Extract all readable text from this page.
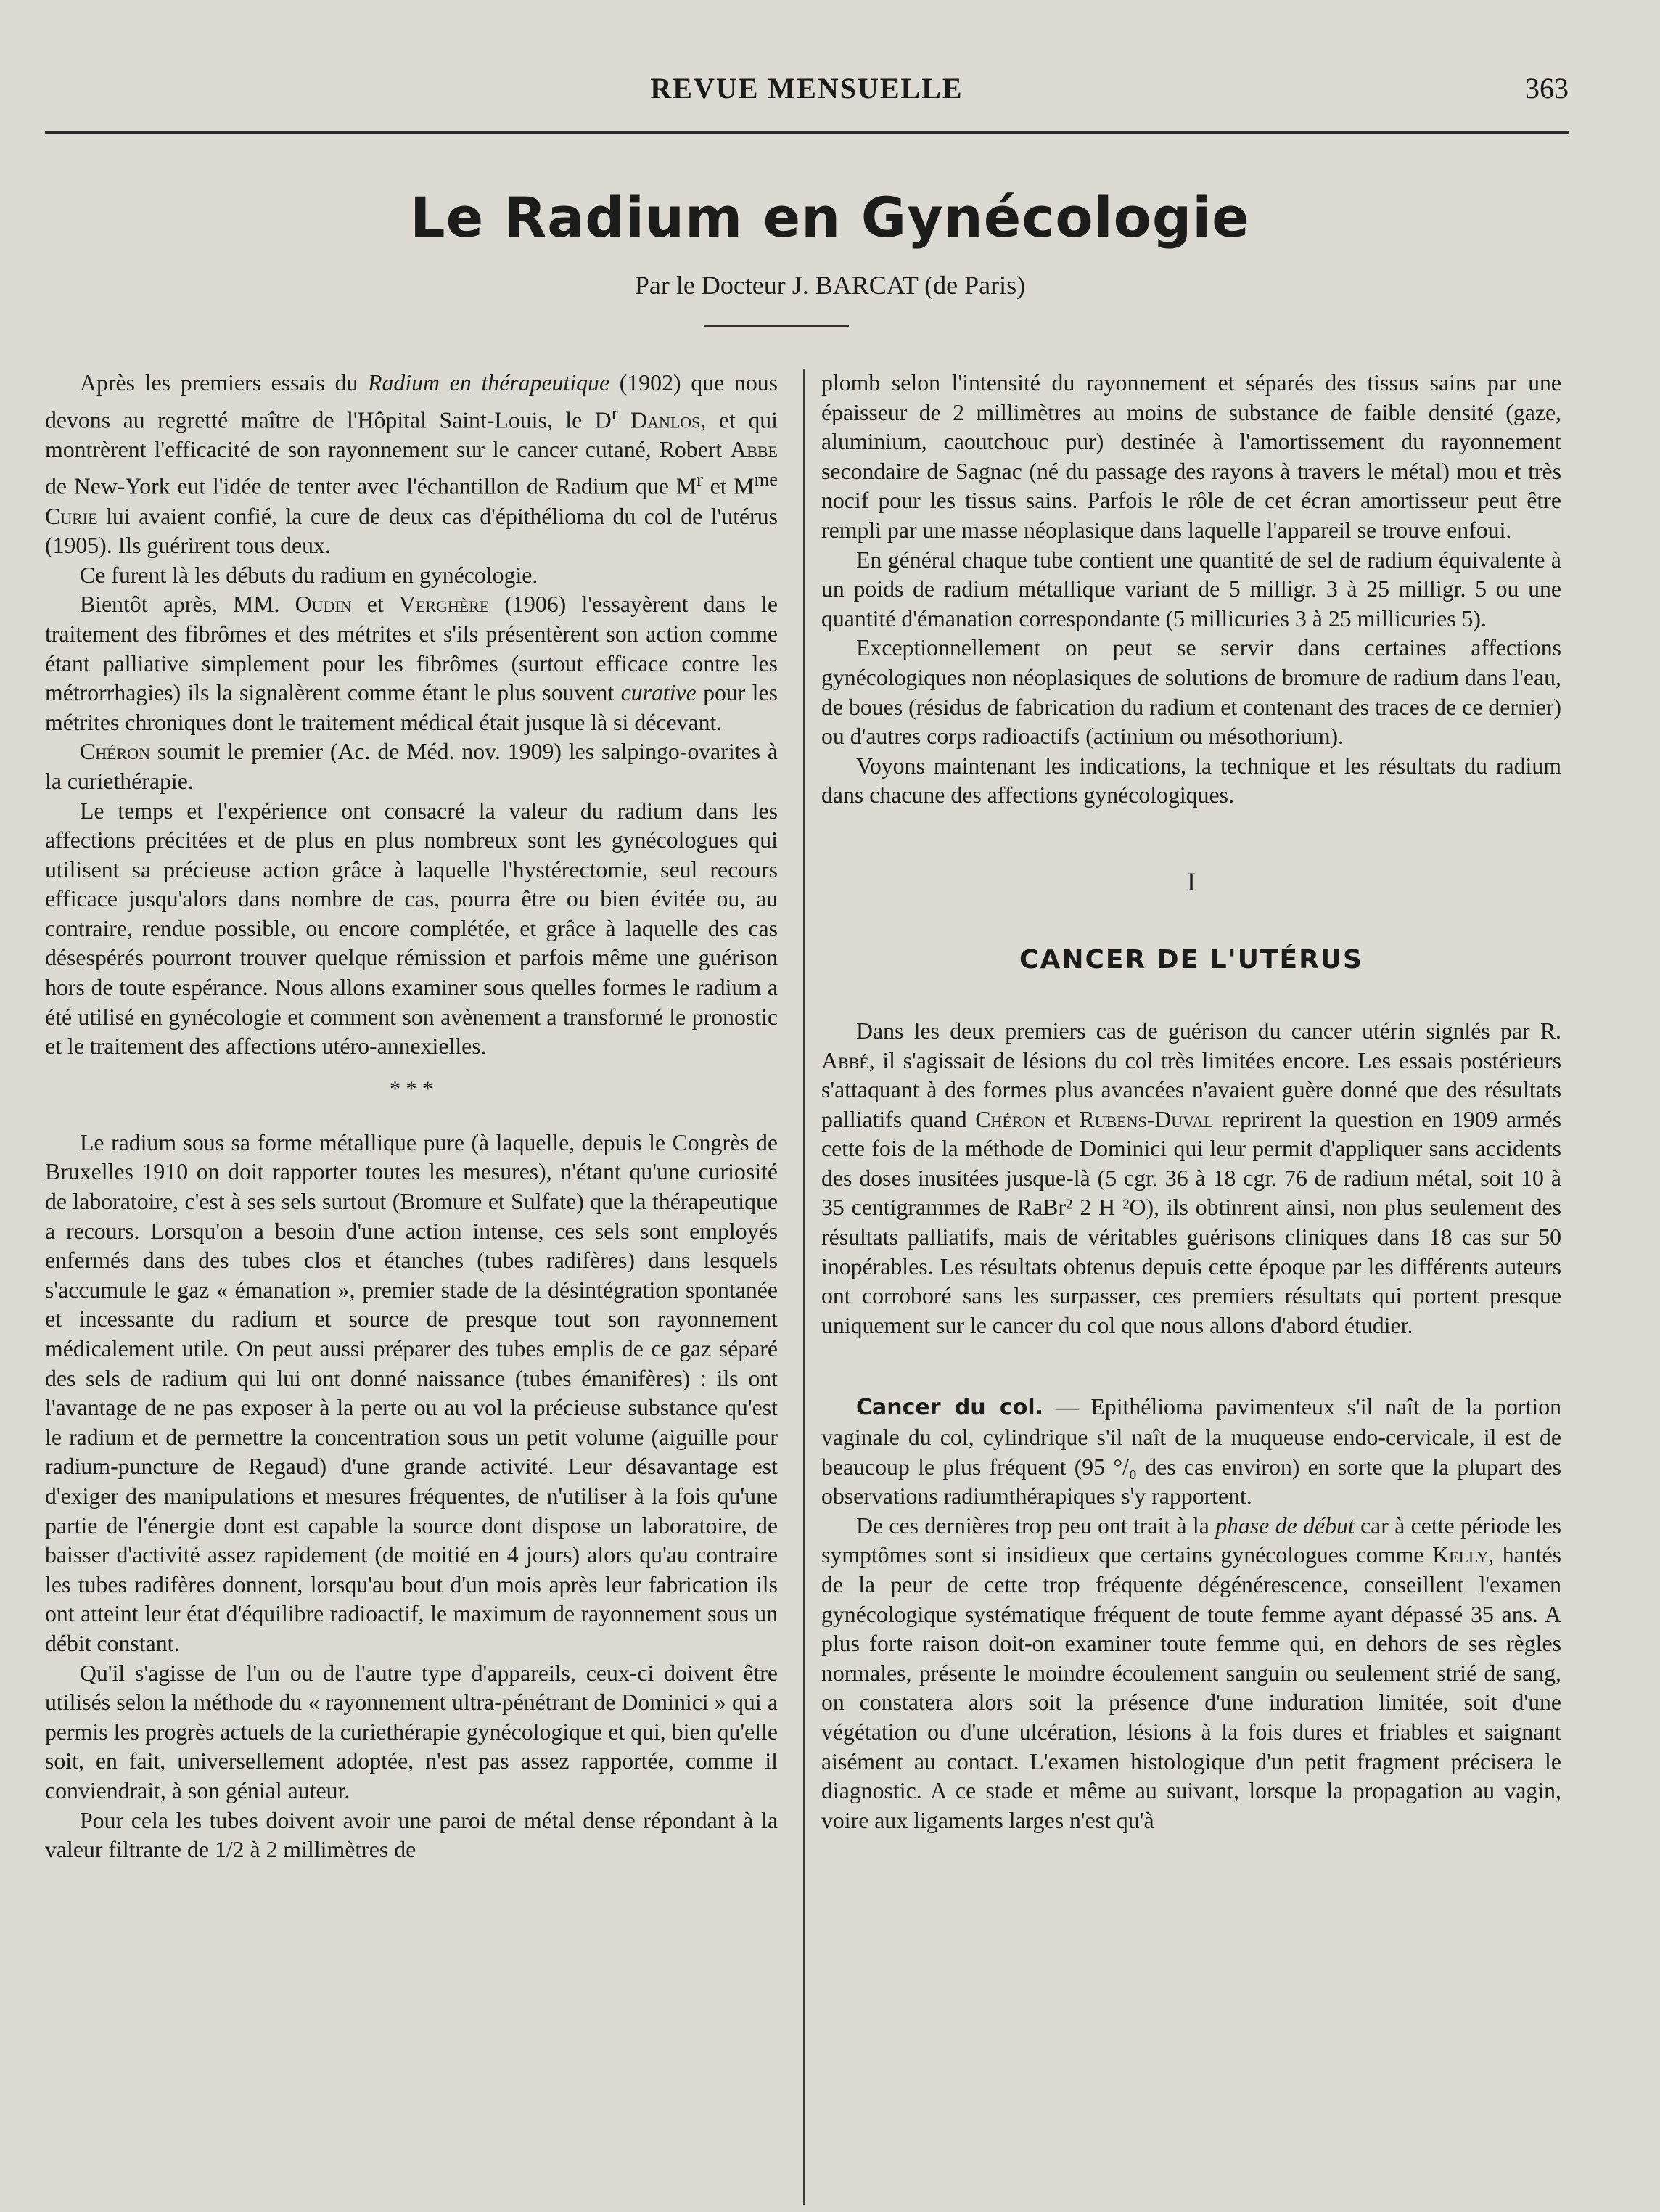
REVUE MENSUELLE	363
Le Radium en Gynécologie
Par le Docteur J. BARCAT (de Paris)

Après les premiers essais du Radium en thérapeutique (1902) que nous devons au regretté maître de l'Hôpital Saint-Louis, le $D^r$ Danlos, et qui montrèrent l'efficacité de son rayonnement sur le cancer cutané, Robert Abbe de New-York eut l'idée de tenter avec l'échantillon de Radium que $M^r$ et $M^{me}$ Curie lui avaient confié, la cure de deux cas d'épithélioma du col de l'utérus (1905). Ils guérirent tous deux.

Ce furent là les débuts du radium en gynécologie.

Bientôt après, MM. Oudin et Verghère (1906) l'essayèrent dans le traitement des fibrômes et des métrites et s'ils présentèrent son action comme étant palliative simplement pour les fibrômes (surtout efficace contre les métrorrhagies) ils la signalèrent comme étant le plus souvent curative pour les métrites chroniques dont le traitement médical était jusque là si décevant.

Chéron soumit le premier (Ac. de Méd. nov. 1909) les salpingo-ovarites à la curiethérapie.

Le temps et l'expérience ont consacré la valeur du radium dans les affections précitées et de plus en plus nombreux sont les gynécologues qui utilisent sa précieuse action grâce à laquelle l'hystérectomie, seul recours efficace jusqu'alors dans nombre de cas, pourra être ou bien évitée ou, au contraire, rendue possible, ou encore complétée, et grâce à laquelle des cas désespérés pourront trouver quelque rémission et parfois même une guérison hors de toute espérance. Nous allons examiner sous quelles formes le radium a été utilisé en gynécologie et comment son avènement a transformé le pronostic et le traitement des affections utéro-annexielles.

* * *

Le radium sous sa forme métallique pure (à laquelle, depuis le Congrès de Bruxelles 1910 on doit rapporter toutes les mesures), n'étant qu'une curiosité de laboratoire, c'est à ses sels surtout (Bromure et Sulfate) que la thérapeutique a recours. Lorsqu'on a besoin d'une action intense, ces sels sont employés enfermés dans des tubes clos et étanches (tubes radifères) dans lesquels s'accumule le gaz « émanation », premier stade de la désintégration spontanée et incessante du radium et source de presque tout son rayonnement médicalement utile. On peut aussi préparer des tubes emplis de ce gaz séparé des sels de radium qui lui ont donné naissance (tubes émanifères) : ils ont l'avantage de ne pas exposer à la perte ou au vol la précieuse substance qu'est le radium et de permettre la concentration sous un petit volume (aiguille pour radium-puncture de Regaud) d'une grande activité. Leur désavantage est d'exiger des manipulations et mesures fréquentes, de n'utiliser à la fois qu'une partie de l'énergie dont est capable la source dont dispose un laboratoire, de baisser d'activité assez rapidement (de moitié en 4 jours) alors qu'au contraire les tubes radifères donnent, lorsqu'au bout d'un mois après leur fabrication ils ont atteint leur état d'équilibre radioactif, le maximum de rayonnement sous un débit constant.

Qu'il s'agisse de l'un ou de l'autre type d'appareils, ceux-ci doivent être utilisés selon la méthode du « rayonnement ultra-pénétrant de Dominici » qui a permis les progrès actuels de la curiethérapie gynécologique et qui, bien qu'elle soit, en fait, universellement adoptée, n'est pas assez rapportée, comme il conviendrait, à son génial auteur.

Pour cela les tubes doivent avoir une paroi de métal dense répondant à la valeur filtrante de 1/2 à 2 millimètres de

plomb selon l'intensité du rayonnement et séparés des tissus sains par une épaisseur de 2 millimètres au moins de substance de faible densité (gaze, aluminium, caoutchouc pur) destinée à l'amortissement du rayonnement secondaire de Sagnac (né du passage des rayons à travers le métal) mou et très nocif pour les tissus sains. Parfois le rôle de cet écran amortisseur peut être rempli par une masse néoplasique dans laquelle l'appareil se trouve enfoui.

En général chaque tube contient une quantité de sel de radium équivalente à un poids de radium métallique variant de 5 milligr. 3 à 25 milligr. 5 ou une quantité d'émanation correspondante (5 millicuries 3 à 25 millicuries 5).

Exceptionnellement on peut se servir dans certaines affections gynécologiques non néoplasiques de solutions de bromure de radium dans l'eau, de boues (résidus de fabrication du radium et contenant des traces de ce dernier) ou d'autres corps radioactifs (actinium ou mésothorium).

Voyons maintenant les indications, la technique et les résultats du radium dans chacune des affections gynécologiques.

I
CANCER DE L'UTÉRUS

Dans les deux premiers cas de guérison du cancer utérin signlés par R. Abbé, il s'agissait de lésions du col très limitées encore. Les essais postérieurs s'attaquant à des formes plus avancées n'avaient guère donné que des résultats palliatifs quand Chéron et Rubens-Duval reprirent la question en 1909 armés cette fois de la méthode de Dominici qui leur permit d'appliquer sans accidents des doses inusitées jusque-là (5 cgr. 36 à 18 cgr. 76 de radium métal, soit 10 à 35 centigrammes de RaBr² 2 H ²O), ils obtinrent ainsi, non plus seulement des résultats palliatifs, mais de véritables guérisons cliniques dans 18 cas sur 50 inopérables. Les résultats obtenus depuis cette époque par les différents auteurs ont corroboré sans les surpasser, ces premiers résultats qui portent presque uniquement sur le cancer du col que nous allons d'abord étudier.

Cancer du col. — Epithélioma pavimenteux s'il naît de la portion vaginale du col, cylindrique s'il naît de la muqueuse endo-cervicale, il est de beaucoup le plus fréquent (95 °/₀ des cas environ) en sorte que la plupart des observations radiumthérapiques s'y rapportent.

De ces dernières trop peu ont trait à la phase de début car à cette période les symptômes sont si insidieux que certains gynécologues comme Kelly, hantés de la peur de cette trop fréquente dégénérescence, conseillent l'examen gynécologique systématique fréquent de toute femme ayant dépassé 35 ans. A plus forte raison doit-on examiner toute femme qui, en dehors de ses règles normales, présente le moindre écoulement sanguin ou seulement strié de sang, on constatera alors soit la présence d'une induration limitée, soit d'une végétation ou d'une ulcération, lésions à la fois dures et friables et saignant aisément au contact. L'examen histologique d'un petit fragment précisera le diagnostic. A ce stade et même au suivant, lorsque la propagation au vagin, voire aux ligaments larges n'est qu'à
